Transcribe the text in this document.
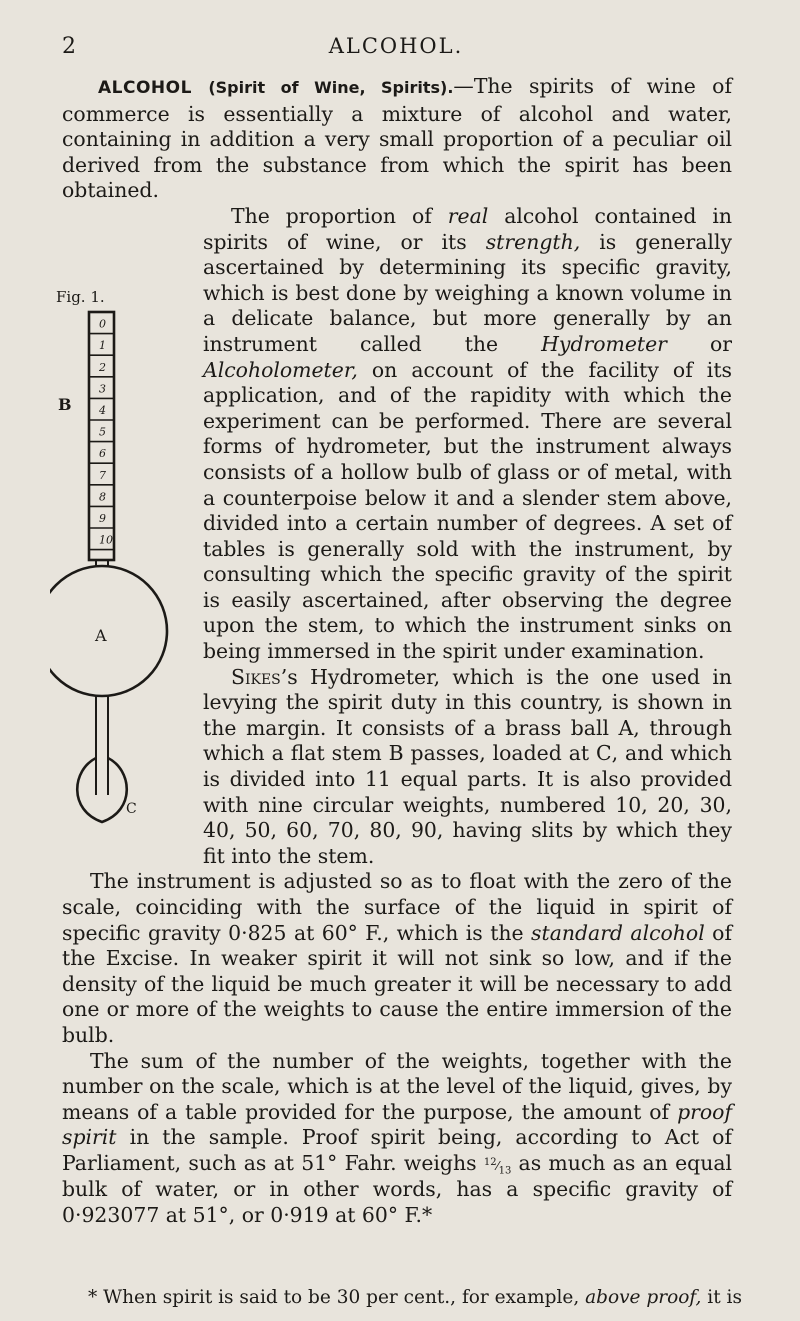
2	ALCOHOL.

ALCOHOL (Spirit of Wine, Spirits).—The spirits of wine of commerce is essentially a mixture of alcohol and water, containing in addition a very small proportion of a peculiar oil derived from the substance from which the spirit has been obtained.

Fig. 1.
0
1
2
3
4
5
6
7
8
9
10
B
A
C

The proportion of real alcohol contained in spirits of wine, or its strength, is generally ascertained by determining its specific gravity, which is best done by weighing a known volume in a delicate balance, but more generally by an instrument called the Hydrometer or Alcoholometer, on account of the facility of its application, and of the rapidity with which the experiment can be performed. There are several forms of hydrometer, but the instrument always consists of a hollow bulb of glass or of metal, with a counterpoise below it and a slender stem above, divided into a certain number of degrees. A set of tables is generally sold with the instrument, by consulting which the specific gravity of the spirit is easily ascertained, after observing the degree upon the stem, to which the instrument sinks on being immersed in the spirit under examination.

Sikes’s Hydrometer, which is the one used in levying the spirit duty in this country, is shown in the margin. It consists of a brass ball A, through which a flat stem B passes, loaded at C, and which is divided into 11 equal parts. It is also provided with nine circular weights, numbered 10, 20, 30, 40, 50, 60, 70, 80, 90, having slits by which they fit into the stem.

The instrument is adjusted so as to float with the zero of the scale, coinciding with the surface of the liquid in spirit of specific gravity 0·825 at 60° F., which is the standard alcohol of the Excise. In weaker spirit it will not sink so low, and if the density of the liquid be much greater it will be necessary to add one or more of the weights to cause the entire immersion of the bulb.

The sum of the number of the weights, together with the number on the scale, which is at the level of the liquid, gives, by means of a table provided for the purpose, the amount of proof spirit in the sample. Proof spirit being, according to Act of Parliament, such as at 51° Fahr. weighs $^{12}⁄_{13}$ as much as an equal bulk of water, or in other words, has a specific gravity of 0·923077 at 51°, or 0·919 at 60° F.*

* When spirit is said to be 30 per cent., for example, above proof, it is
